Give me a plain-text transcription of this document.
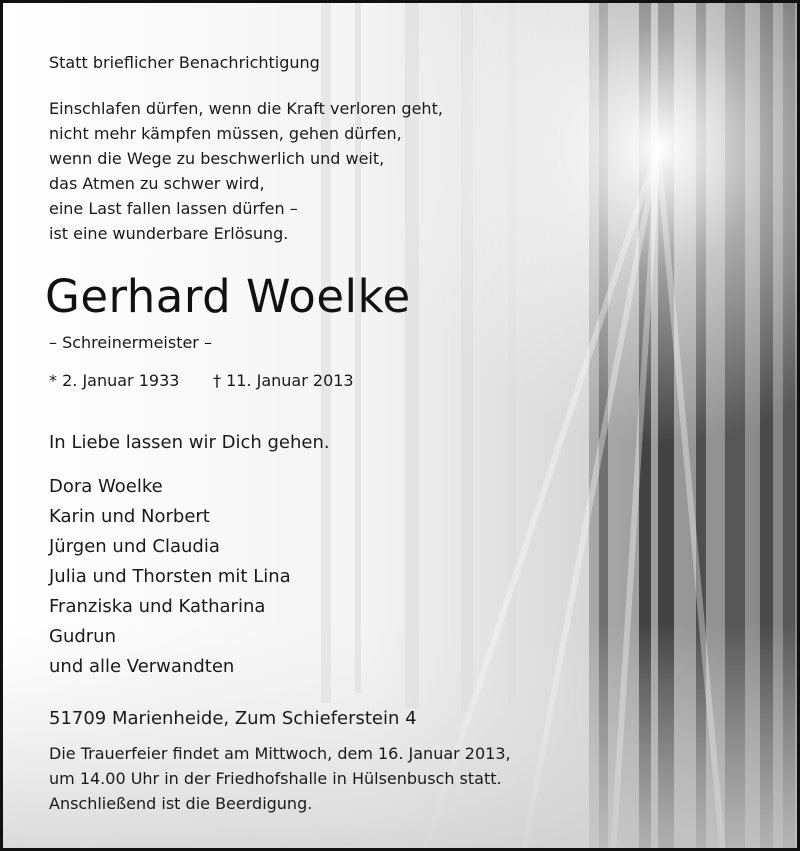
Statt brieflicher Benachrichtigung
Einschlafen dürfen, wenn die Kraft verloren geht,
nicht mehr kämpfen müssen, gehen dürfen,
wenn die Wege zu beschwerlich und weit,
das Atmen zu schwer wird,
eine Last fallen lassen dürfen –
ist eine wunderbare Erlösung.
Gerhard Woelke
– Schreinermeister –
* 2. Januar 1933 † 11. Januar 2013
In Liebe lassen wir Dich gehen.
Dora Woelke
Karin und Norbert
Jürgen und Claudia
Julia und Thorsten mit Lina
Franziska und Katharina
Gudrun
und alle Verwandten
51709 Marienheide, Zum Schieferstein 4
Die Trauerfeier findet am Mittwoch, dem 16. Januar 2013,
um 14.00 Uhr in der Friedhofshalle in Hülsenbusch statt.
Anschließend ist die Beerdigung.
